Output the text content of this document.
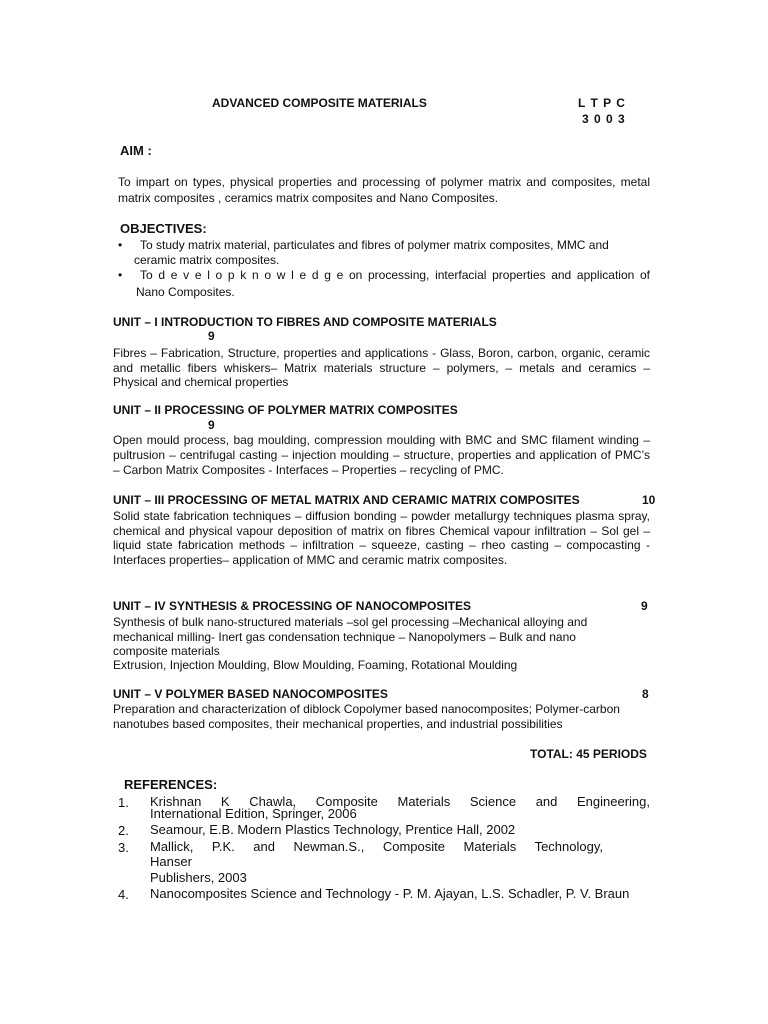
ADVANCED COMPOSITE MATERIALS	L T P C
3 0 0 3
AIM :
To impart on types, physical properties and processing of polymer matrix and composites, metal matrix composites , ceramics matrix composites and Nano Composites.
OBJECTIVES:
•	To study matrix material, particulates and fibres of polymer matrix composites, MMC and
ceramic matrix composites.
•	To d e v e l o p k n o w l e d g e on processing, interfacial properties and application of
Nano Composites.
UNIT – I INTRODUCTION TO FIBRES AND COMPOSITE MATERIALS
9
Fibres – Fabrication, Structure, properties and applications - Glass, Boron, carbon, organic, ceramic and metallic fibers whiskers– Matrix materials structure – polymers, – metals and ceramics – Physical and chemical properties
UNIT – II PROCESSING OF POLYMER MATRIX COMPOSITES
9
Open mould process, bag moulding, compression moulding with BMC and SMC filament winding – pultrusion – centrifugal casting – injection moulding – structure, properties and application of PMC’s – Carbon Matrix Composites - Interfaces – Properties – recycling of PMC.
UNIT – III PROCESSING OF METAL MATRIX AND CERAMIC MATRIX COMPOSITES	10
Solid state fabrication techniques – diffusion bonding – powder metallurgy techniques plasma spray, chemical and physical vapour deposition of matrix on fibres Chemical vapour infiltration – Sol gel – liquid state fabrication methods – infiltration – squeeze, casting – rheo casting – compocasting - Interfaces properties– application of MMC and ceramic matrix composites.
UNIT – IV SYNTHESIS & PROCESSING OF NANOCOMPOSITES	9
Synthesis of bulk nano-structured materials –sol gel processing –Mechanical alloying and mechanical milling- Inert gas condensation technique – Nanopolymers – Bulk and nano composite materials
Extrusion, Injection Moulding, Blow Moulding, Foaming, Rotational Moulding
UNIT – V POLYMER BASED NANOCOMPOSITES	8
Preparation and characterization of diblock Copolymer based nanocomposites; Polymer-carbon nanotubes based composites, their mechanical properties, and industrial possibilities
TOTAL: 45 PERIODS
REFERENCES:
1. Krishnan K Chawla, Composite Materials Science and Engineering,
International Edition, Springer, 2006
2. Seamour, E.B. Modern Plastics Technology, Prentice Hall, 2002
3. Mallick, P.K. and Newman.S., Composite Materials Technology,
Hanser
Publishers, 2003
4. Nanocomposites Science and Technology - P. M. Ajayan, L.S. Schadler, P. V. Braun
